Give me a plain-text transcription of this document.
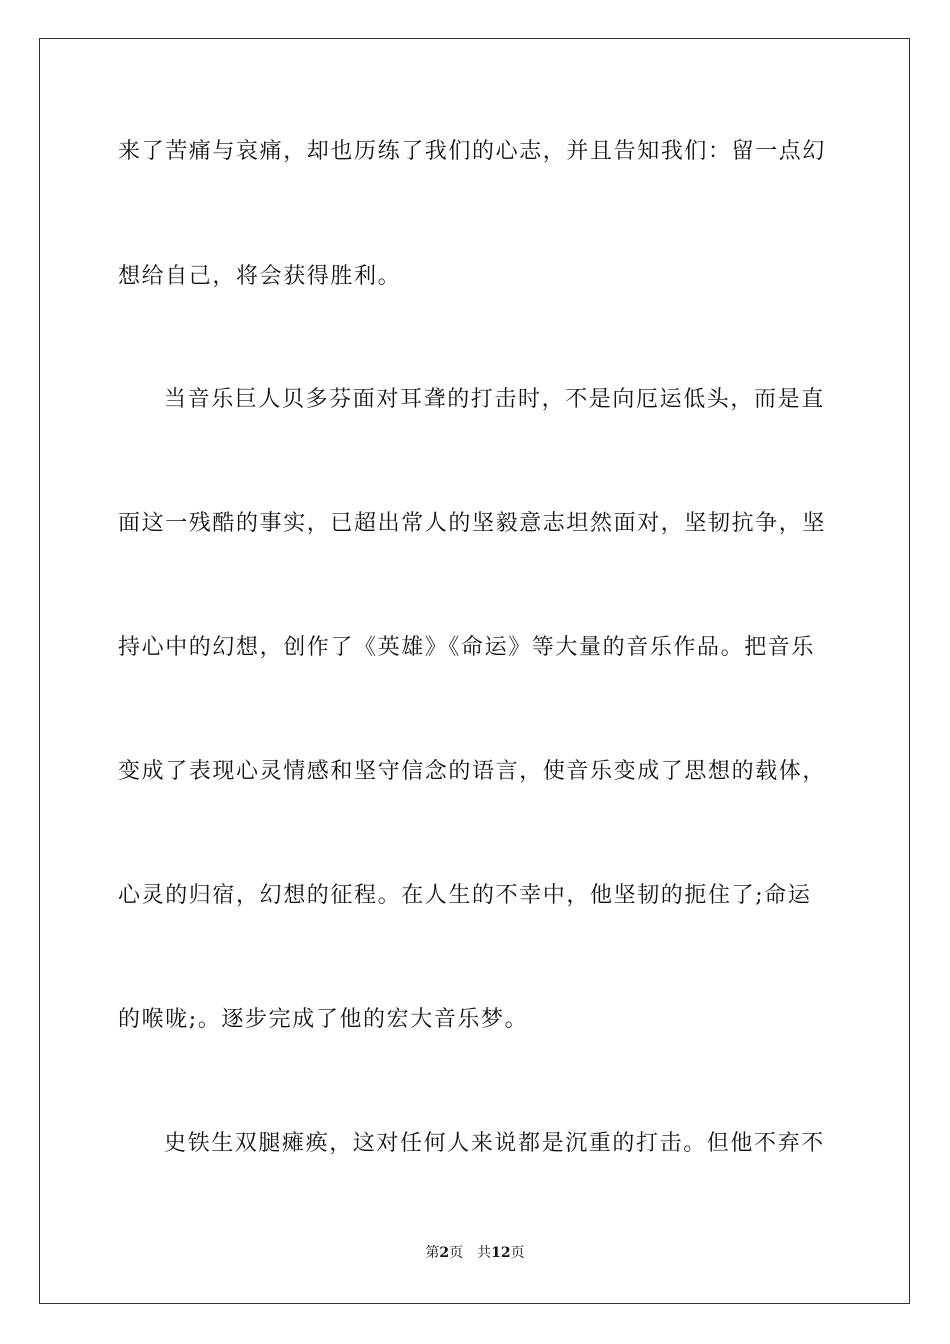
来了苦痛与哀痛，却也历练了我们的心志，并且告知我们：留一点幻
想给自己，将会获得胜利。
当音乐巨人贝多芬面对耳聋的打击时，不是向厄运低头，而是直
面这一残酷的事实，已超出常人的坚毅意志坦然面对，坚韧抗争，坚
持心中的幻想，创作了《英雄》《命运》等大量的音乐作品。把音乐
变成了表现心灵情感和坚守信念的语言，使音乐变成了思想的载体，
心灵的归宿，幻想的征程。在人生的不幸中，他坚韧的扼住了;命运
的喉咙;。逐步完成了他的宏大音乐梦。
史铁生双腿瘫痪，这对任何人来说都是沉重的打击。但他不弃不
第2页 共12页
